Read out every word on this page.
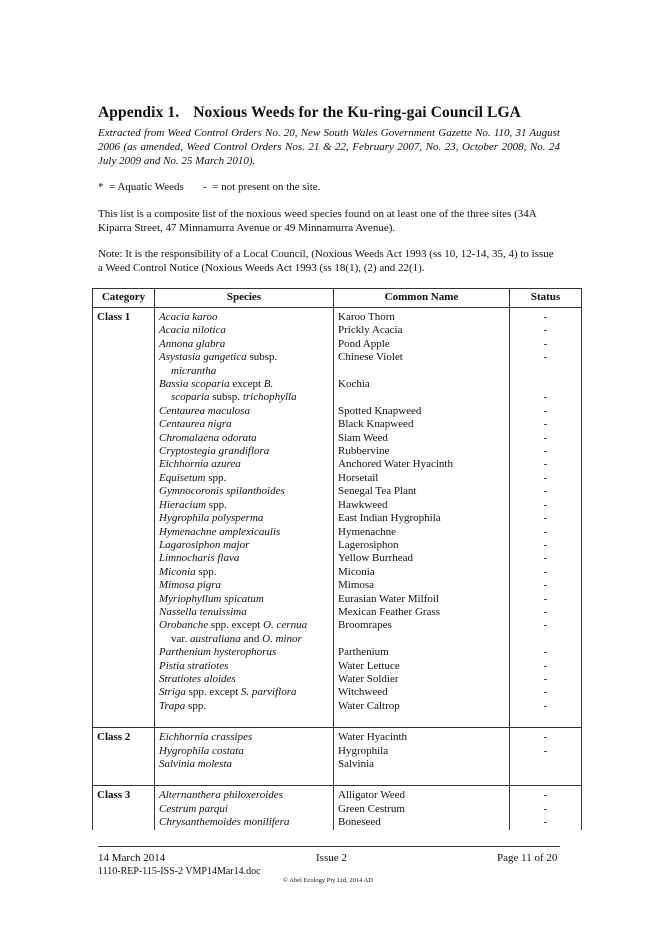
Appendix 1. Noxious Weeds for the Ku-ring-gai Council LGA
Extracted from Weed Control Orders No. 20, New South Wales Government Gazette No. 110, 31 August 2006 (as amended, Weed Control Orders Nos. 21 & 22, February 2007, No. 23, October 2008, No. 24 July 2009 and No. 25 March 2010).
*  = Aquatic Weeds       -  = not present on the site.
This list is a composite list of the noxious weed species found on at least one of the three sites (34A Kiparra Street, 47 Minnamurra Avenue or 49 Minnamurra Avenue).
Note: It is the responsibility of a Local Council, (Noxious Weeds Act 1993 (ss 10, 12-14, 35, 4) to issue a Weed Control Notice (Noxious Weeds Act 1993 (ss 18(1), (2) and 22(1).
Category	Species	Common Name	Status
Class 1	Acacia karoo	Karoo Thorn	-

	Acacia nilotica	Prickly Acacia	-

	Annona glabra	Pond Apple	-

	Asystasia gangetica subsp.
micrantha	Chinese Violet	-

	Bassia scoparia except B.
scoparia subsp. trichophylla	Kochia	-

	Centaurea maculosa	Spotted Knapweed	-

	Centaurea nigra	Black Knapweed	-

	Chromalaena odorata	Siam Weed	-

	Cryptostegia grandiflora	Rubbervine	-

	Eichhornia azurea	Anchored Water Hyacinth	-

	Equisetum spp.	Horsetail	-

	Gymnocoronis spilanthoides	Senegal Tea Plant	-

	Hieracium spp.	Hawkweed	-

	Hygrophila polysperma	East Indian Hygrophila	-

	Hymenachne amplexicaulis	Hymenachne	-

	Lagarosiphon major	Lagerosiphon	-

	Limnocharis flava	Yellow Burrhead	-

	Miconia spp.	Miconia	-

	Mimosa pigra	Mimosa	-

	Myriophyllum spicatum	Eurasian Water Milfoil	-

	Nassella tenuissima	Mexican Feather Grass	-

	Orobanche spp. except O. cernua
var. australiana and O. minor	Broomrapes	-

	Parthenium hysterophorus	Parthenium	-

	Pistia stratiotes	Water Lettuce	-

	Stratiotes aloides	Water Soldier	-

	Striga spp. except S. parviflora	Witchweed	-

	Trapa spp.	Water Caltrop	-
Class 2	Eichhornia crassipes	Water Hyacinth	-

	Hygrophila costata	Hygrophila	-

	Salvinia molesta	Salvinia	
Class 3	Alternanthera philoxeroides	Alligator Weed	-

	Cestrum parqui	Green Cestrum	-

	Chrysanthemoides monilifera	Boneseed	-
14 March 2014	Issue 2	Page 11 of 20
1110-REP-115-ISS-2 VMP14Mar14.doc
© Abel Ecology Pty Ltd, 2014 AD
